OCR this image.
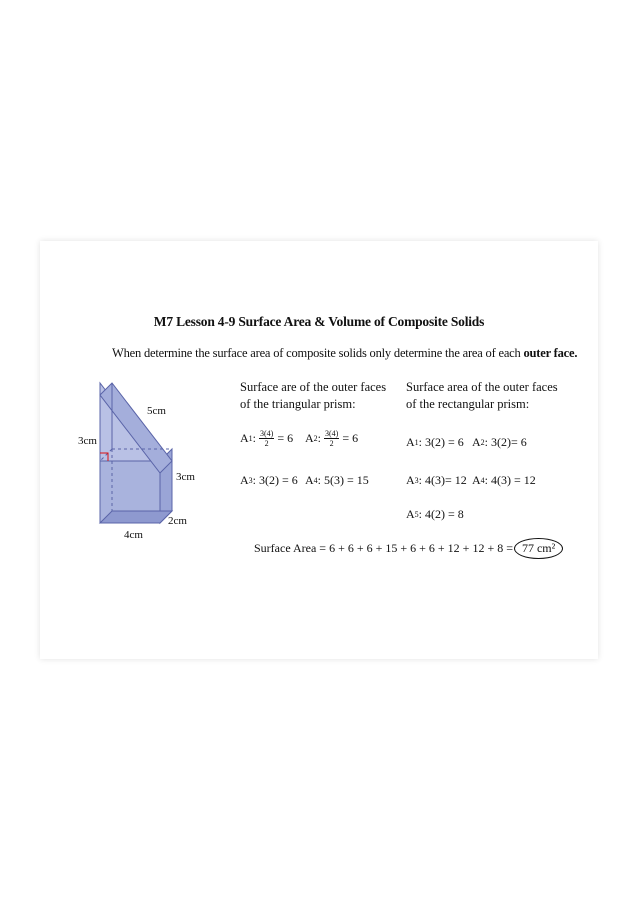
M7 Lesson 4-9 Surface Area & Volume of Composite Solids
When determine the surface area of composite solids only determine the area of each outer face.
5cm
3cm
3cm
2cm
4cm
Surface are of the outer faces
of the triangular prism:
A 1 : $\frac{3(4)}{2} = 6$ A 2 : $\frac{3(4)}{2} = 6$
A 3 : 3(2) = 6 A 4 : 5(3) = 15
Surface area of the outer faces
of the rectangular prism:
A 1 : 3(2) = 6 A 2 : 3(2)= 6
A 3 : 4(3)= 12 A 4 : 4(3) = 12
A 5 : 4(2) = 8
Surface Area = 6 + 6 + 6 + 15 + 6 + 6 + 12 + 12 + 8 = 77 cm²
